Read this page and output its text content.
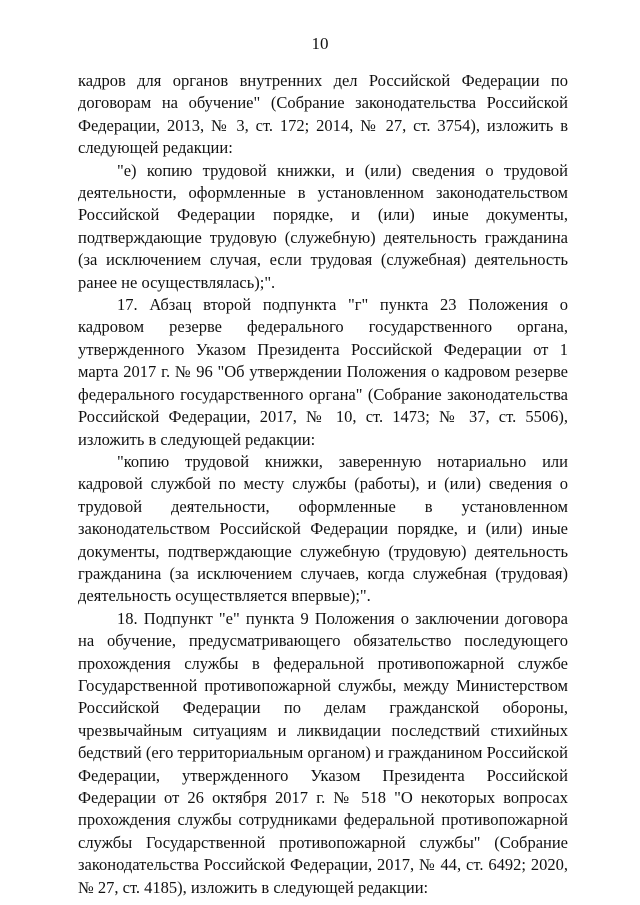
10

кадров для органов внутренних дел Российской Федерации по договорам на обучение" (Собрание законодательства Российской Федерации, 2013, № 3, ст. 172; 2014, № 27, ст. 3754), изложить в следующей редакции:

"е) копию трудовой книжки, и (или) сведения о трудовой деятельности, оформленные в установленном законодательством Российской Федерации порядке, и (или) иные документы, подтверждающие трудовую (служебную) деятельность гражданина (за исключением случая, если трудовая (служебная) деятельность ранее не осуществлялась);".

17. Абзац второй подпункта "г" пункта 23 Положения о кадровом резерве федерального государственного органа, утвержденного Указом Президента Российской Федерации от 1 марта 2017 г. № 96 "Об утверждении Положения о кадровом резерве федерального государственного органа" (Собрание законодательства Российской Федерации, 2017, № 10, ст. 1473; № 37, ст. 5506), изложить в следующей редакции:

"копию трудовой книжки, заверенную нотариально или кадровой службой по месту службы (работы), и (или) сведения о трудовой деятельности, оформленные в установленном законодательством Российской Федерации порядке, и (или) иные документы, подтверждающие служебную (трудовую) деятельность гражданина (за исключением случаев, когда служебная (трудовая) деятельность осуществляется впервые);".

18. Подпункт "е" пункта 9 Положения о заключении договора на обучение, предусматривающего обязательство последующего прохождения службы в федеральной противопожарной службе Государственной противопожарной службы, между Министерством Российской Федерации по делам гражданской обороны, чрезвычайным ситуациям и ликвидации последствий стихийных бедствий (его территориальным органом) и гражданином Российской Федерации, утвержденного Указом Президента Российской Федерации от 26 октября 2017 г. № 518 "О некоторых вопросах прохождения службы сотрудниками федеральной противопожарной службы Государственной противопожарной службы" (Собрание законодательства Российской Федерации, 2017, № 44, ст. 6492; 2020, № 27, ст. 4185), изложить в следующей редакции:
